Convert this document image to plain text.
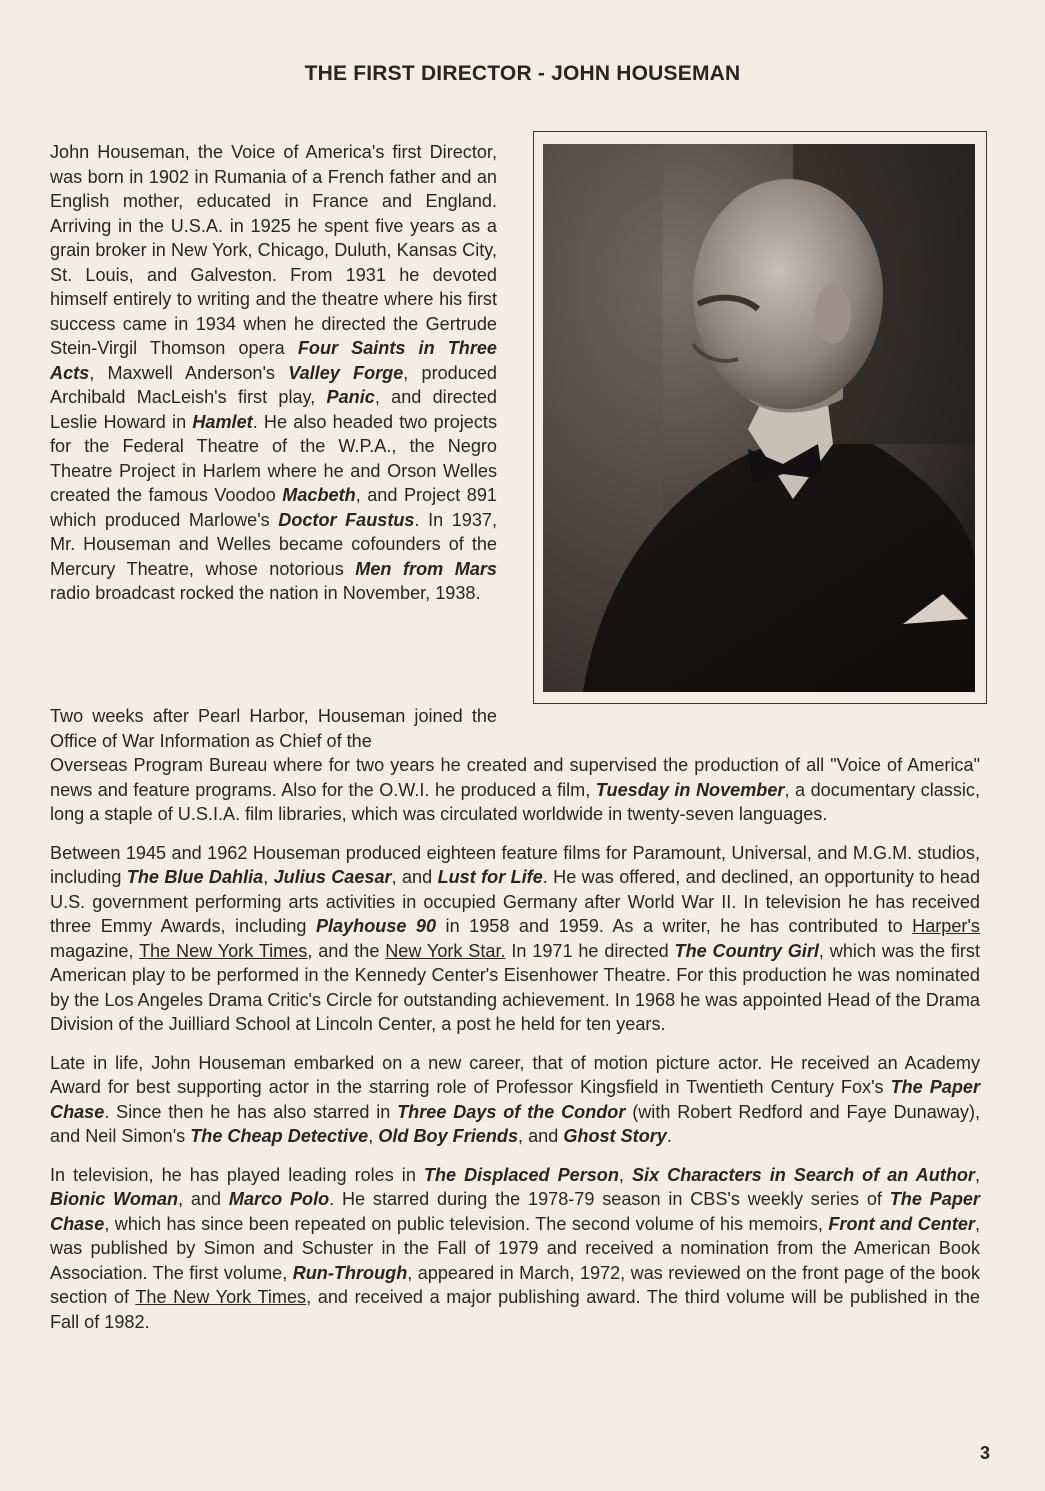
THE FIRST DIRECTOR - JOHN HOUSEMAN

John Houseman, the Voice of America's first Director, was born in 1902 in Rumania of a French father and an English mother, educated in France and England. Arriving in the U.S.A. in 1925 he spent five years as a grain broker in New York, Chicago, Duluth, Kansas City, St. Louis, and Galveston. From 1931 he devoted himself entirely to writing and the theatre where his first success came in 1934 when he directed the Gertrude Stein-Virgil Thomson opera Four Saints in Three Acts, Maxwell Anderson's Valley Forge, produced Archibald MacLeish's first play, Panic, and directed Leslie Howard in Hamlet. He also headed two projects for the Federal Theatre of the W.P.A., the Negro Theatre Project in Harlem where he and Orson Welles created the famous Voodoo Macbeth, and Project 891 which produced Marlowe's Doctor Faustus. In 1937, Mr. Houseman and Welles became cofounders of the Mercury Theatre, whose notorious Men from Mars radio broadcast rocked the nation in November, 1938.

Two weeks after Pearl Harbor, Houseman joined the Office of War Information as Chief of the
Overseas Program Bureau where for two years he created and supervised the production of all "Voice of America" news and feature programs. Also for the O.W.I. he produced a film, Tuesday in November, a documentary classic, long a staple of U.S.I.A. film libraries, which was circulated worldwide in twenty-seven languages.

Between 1945 and 1962 Houseman produced eighteen feature films for Paramount, Universal, and M.G.M. studios, including The Blue Dahlia, Julius Caesar, and Lust for Life. He was offered, and declined, an opportunity to head U.S. government performing arts activities in occupied Germany after World War II. In television he has received three Emmy Awards, including Playhouse 90 in 1958 and 1959. As a writer, he has contributed to Harper's magazine, The New York Times, and the New York Star. In 1971 he directed The Country Girl, which was the first American play to be performed in the Kennedy Center's Eisenhower Theatre. For this production he was nominated by the Los Angeles Drama Critic's Circle for outstanding achievement. In 1968 he was appointed Head of the Drama Division of the Juilliard School at Lincoln Center, a post he held for ten years.

Late in life, John Houseman embarked on a new career, that of motion picture actor. He received an Academy Award for best supporting actor in the starring role of Professor Kingsfield in Twentieth Century Fox's The Paper Chase. Since then he has also starred in Three Days of the Condor (with Robert Redford and Faye Dunaway), and Neil Simon's The Cheap Detective, Old Boy Friends, and Ghost Story.

In television, he has played leading roles in The Displaced Person, Six Characters in Search of an Author, Bionic Woman, and Marco Polo. He starred during the 1978-79 season in CBS's weekly series of The Paper Chase, which has since been repeated on public television. The second volume of his memoirs, Front and Center, was published by Simon and Schuster in the Fall of 1979 and received a nomination from the American Book Association. The first volume, Run-Through, appeared in March, 1972, was reviewed on the front page of the book section of The New York Times, and received a major publishing award. The third volume will be published in the Fall of 1982.

3
